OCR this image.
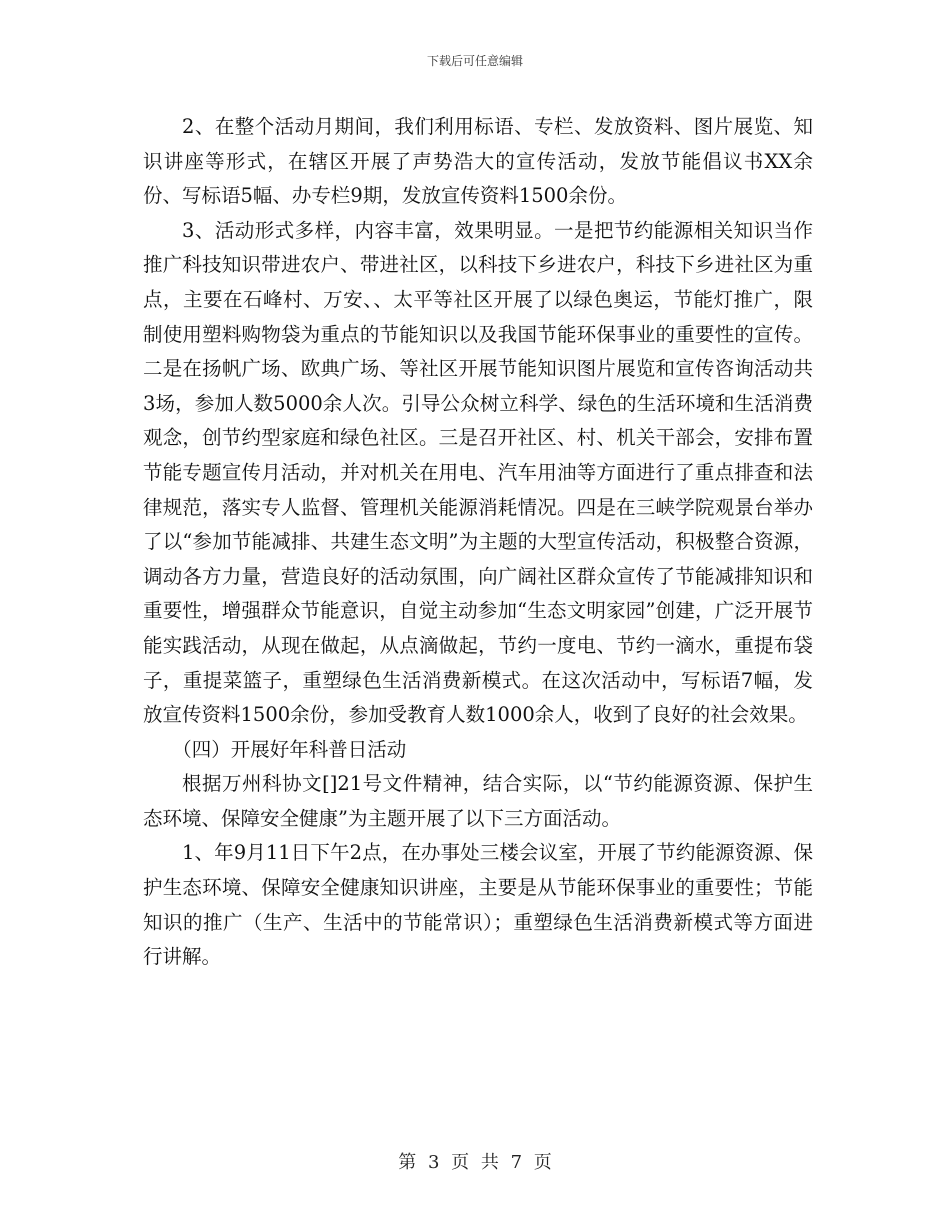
下载后可任意编辑

2、在整个活动月期间，我们利用标语、专栏、发放资料、图片展览、知识讲座等形式，在辖区开展了声势浩大的宣传活动，发放节能倡议书XX余份、写标语5幅、办专栏9期，发放宣传资料1500余份。

3、活动形式多样，内容丰富，效果明显。一是把节约能源相关知识当作推广科技知识带进农户、带进社区，以科技下乡进农户，科技下乡进社区为重点，主要在石峰村、万安、、太平等社区开展了以绿色奥运，节能灯推广，限制使用塑料购物袋为重点的节能知识以及我国节能环保事业的重要性的宣传。二是在扬帆广场、欧典广场、等社区开展节能知识图片展览和宣传咨询活动共3场，参加人数5000余人次。引导公众树立科学、绿色的生活环境和生活消费观念，创节约型家庭和绿色社区。三是召开社区、村、机关干部会，安排布置节能专题宣传月活动，并对机关在用电、汽车用油等方面进行了重点排查和法律规范，落实专人监督、管理机关能源消耗情况。四是在三峡学院观景台举办了以“参加节能减排、共建生态文明”为主题的大型宣传活动，积极整合资源，调动各方力量，营造良好的活动氛围，向广阔社区群众宣传了节能减排知识和重要性，增强群众节能意识，自觉主动参加“生态文明家园”创建，广泛开展节能实践活动，从现在做起，从点滴做起，节约一度电、节约一滴水，重提布袋子，重提菜篮子，重塑绿色生活消费新模式。在这次活动中，写标语7幅，发放宣传资料1500余份，参加受教育人数1000余人，收到了良好的社会效果。

（四）开展好年科普日活动

根据万州科协文[]21号文件精神，结合实际，以“节约能源资源、保护生态环境、保障安全健康”为主题开展了以下三方面活动。

1、年9月11日下午2点，在办事处三楼会议室，开展了节约能源资源、保护生态环境、保障安全健康知识讲座，主要是从节能环保事业的重要性；节能知识的推广（生产、生活中的节能常识）；重塑绿色生活消费新模式等方面进行讲解。

第 3 页 共 7 页
